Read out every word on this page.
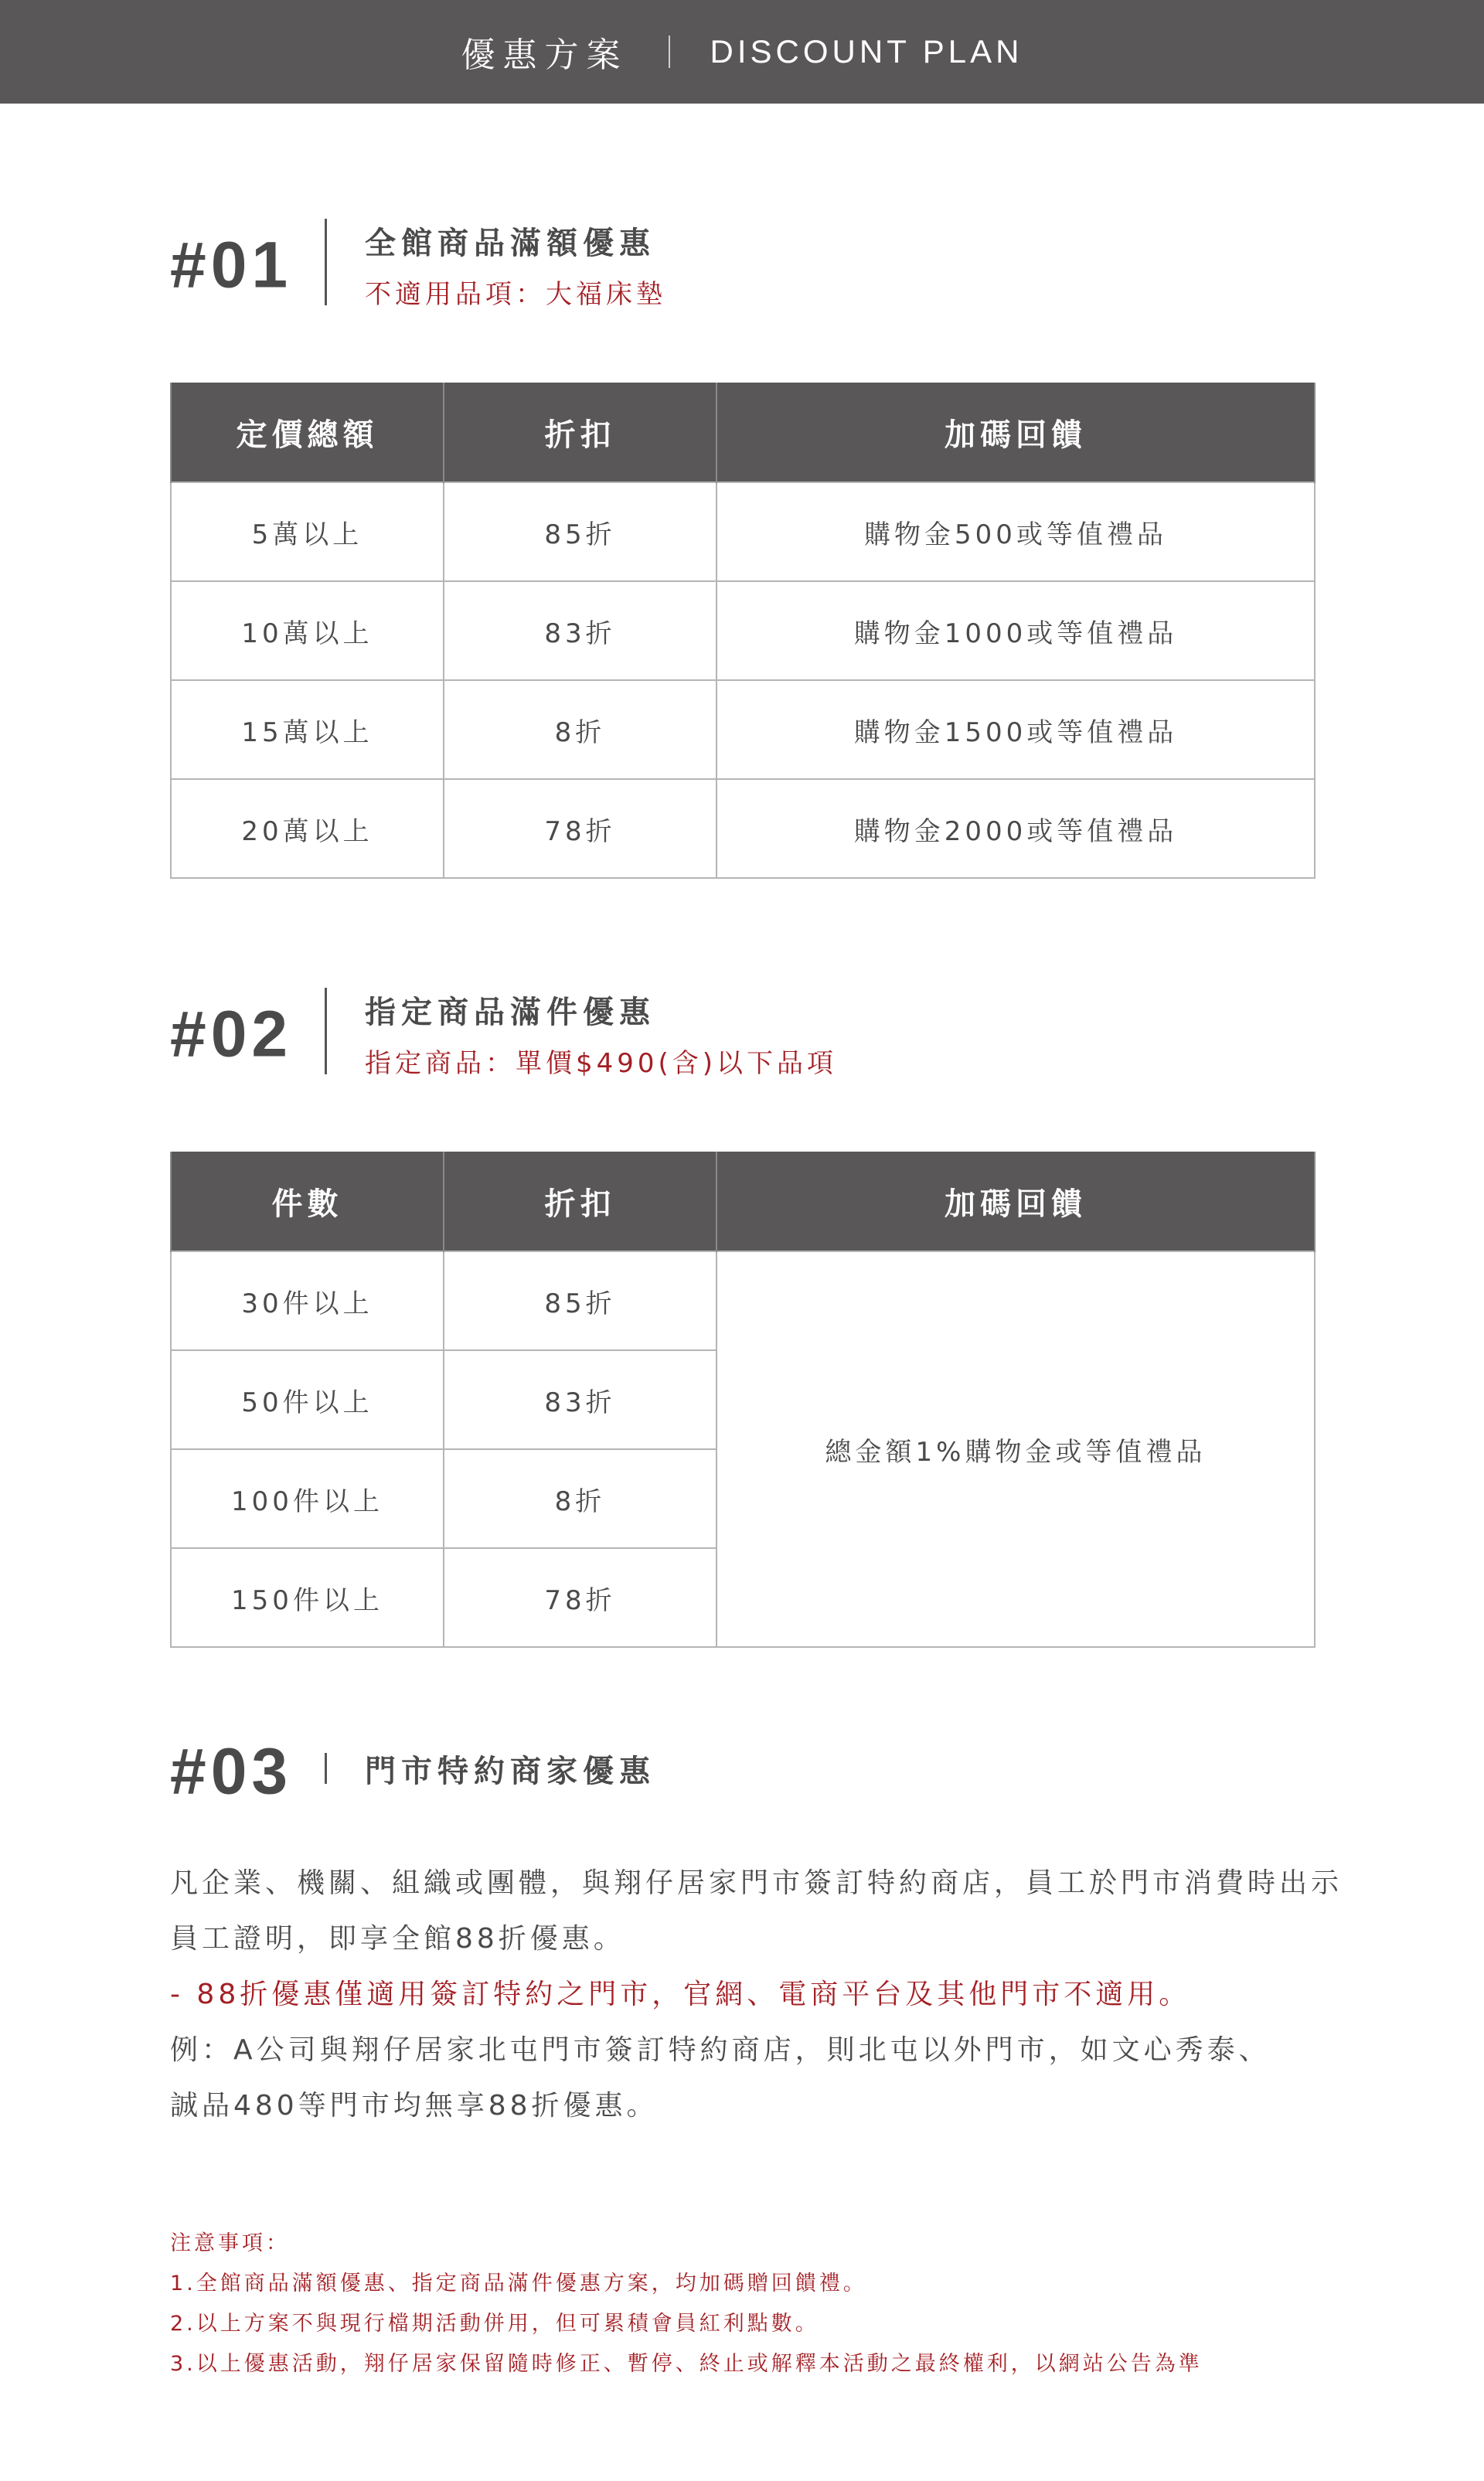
優惠方案	DISCOUNT PLAN
#01 全館商品滿額優惠
不適用品項：大福床墊
定價總額	折扣	加碼回饋
5萬以上	85折	購物金500或等值禮品
10萬以上	83折	購物金1000或等值禮品
15萬以上	8折	購物金1500或等值禮品
20萬以上	78折	購物金2000或等值禮品
#02 指定商品滿件優惠
指定商品：單價$490(含)以下品項
件數	折扣	加碼回饋
30件以上	85折	總金額1%購物金或等值禮品
50件以上	83折	
100件以上	8折	
150件以上	78折	
#03 門市特約商家優惠
凡企業、機關、組織或團體，與翔仔居家門市簽訂特約商店，員工於門市消費時出示
員工證明，即享全館88折優惠。
- 88折優惠僅適用簽訂特約之門市，官網、電商平台及其他門市不適用。
例：A公司與翔仔居家北屯門市簽訂特約商店，則北屯以外門市，如文心秀泰、
誠品480等門市均無享88折優惠。
注意事項：
1.全館商品滿額優惠、指定商品滿件優惠方案，均加碼贈回饋禮。
2.以上方案不與現行檔期活動併用，但可累積會員紅利點數。
3.以上優惠活動，翔仔居家保留隨時修正、暫停、終止或解釋本活動之最終權利，以網站公告為準
